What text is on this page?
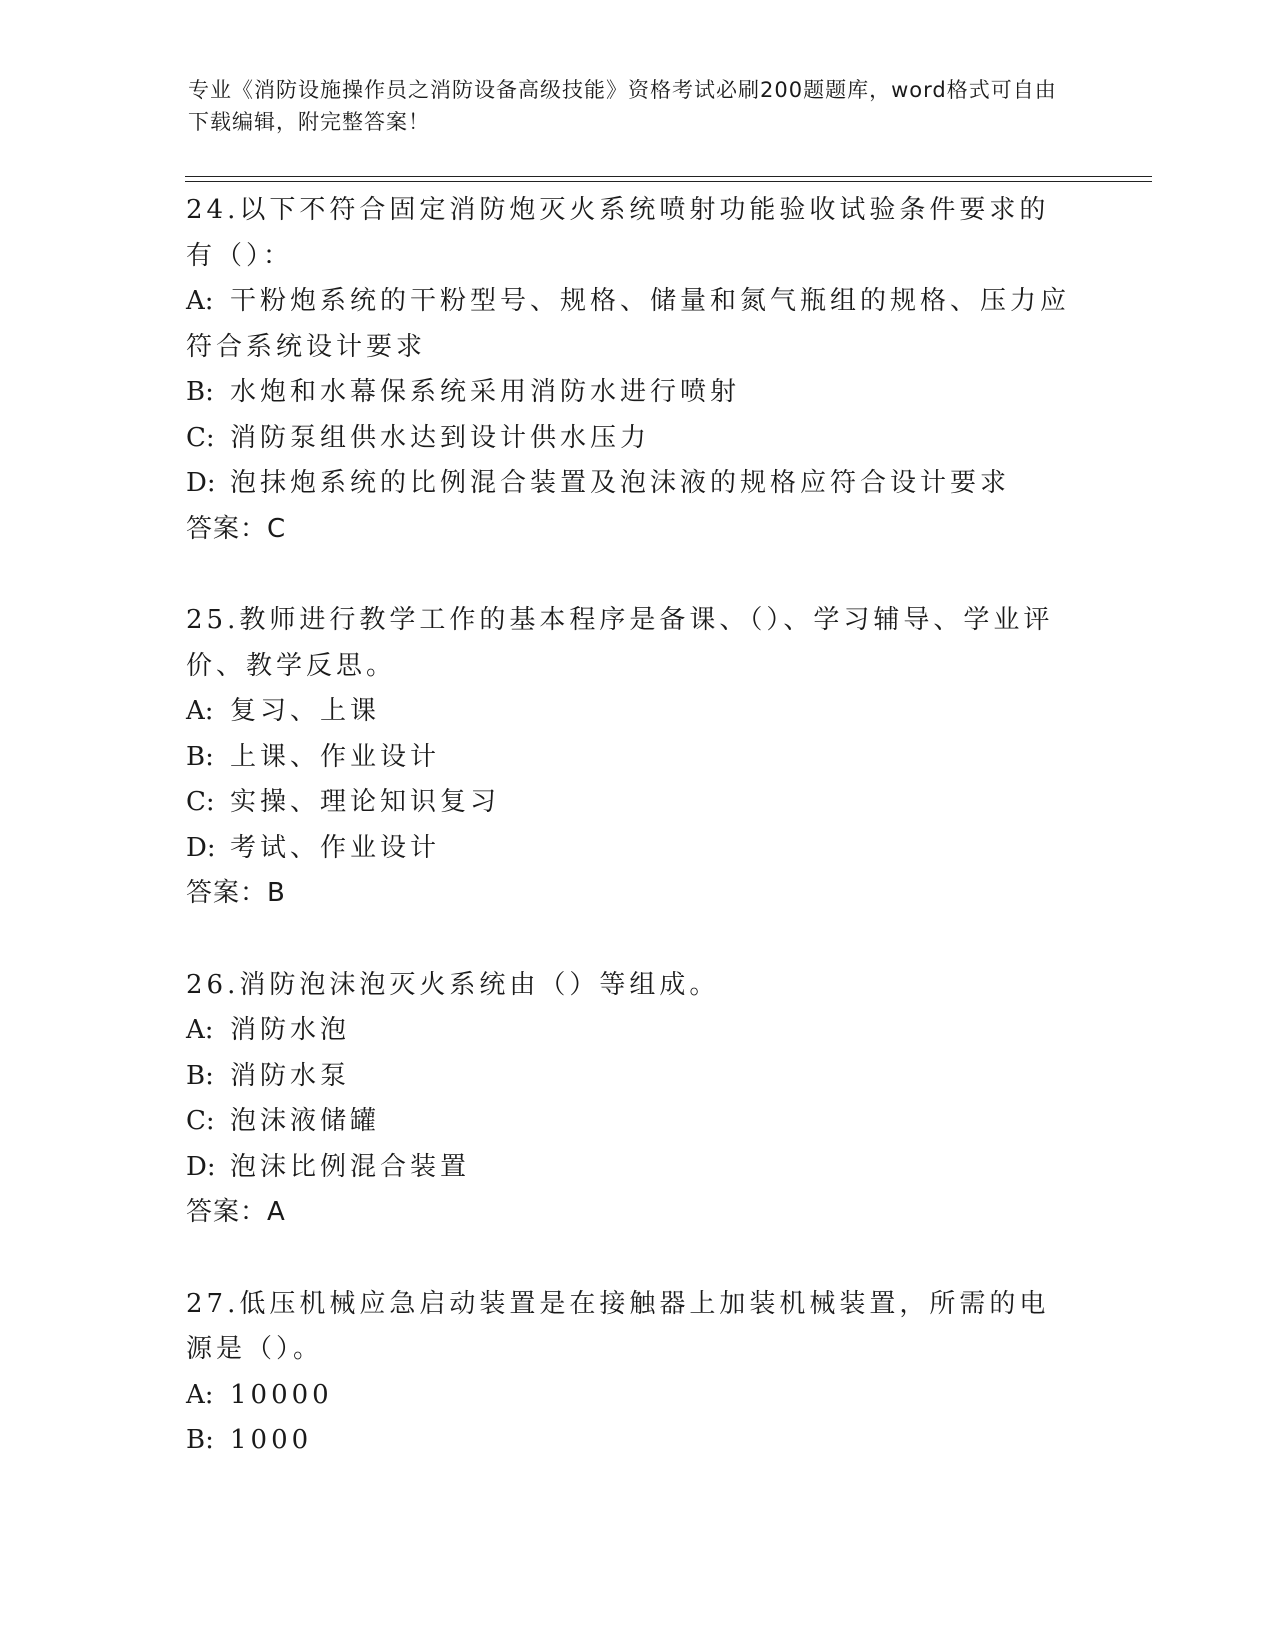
专业《消防设施操作员之消防设备高级技能》资格考试必刷200题题库，word格式可自由下载编辑，附完整答案！

24.以下不符合固定消防炮灭火系统喷射功能验收试验条件要求的有（）：

A: 干粉炮系统的干粉型号、规格、储量和氮气瓶组的规格、压力应符合系统设计要求

B: 水炮和水幕保系统采用消防水进行喷射

C: 消防泵组供水达到设计供水压力

D: 泡抹炮系统的比例混合装置及泡沫液的规格应符合设计要求

答案：C

25.教师进行教学工作的基本程序是备课、（）、学习辅导、学业评价、教学反思。

A: 复习、上课

B: 上课、作业设计

C: 实操、理论知识复习

D: 考试、作业设计

答案：B

26.消防泡沫泡灭火系统由（）等组成。

A: 消防水泡

B: 消防水泵

C: 泡沫液储罐

D: 泡沫比例混合装置

答案：A

27.低压机械应急启动装置是在接触器上加装机械装置，所需的电源是（）。

A: 10000

B: 1000
